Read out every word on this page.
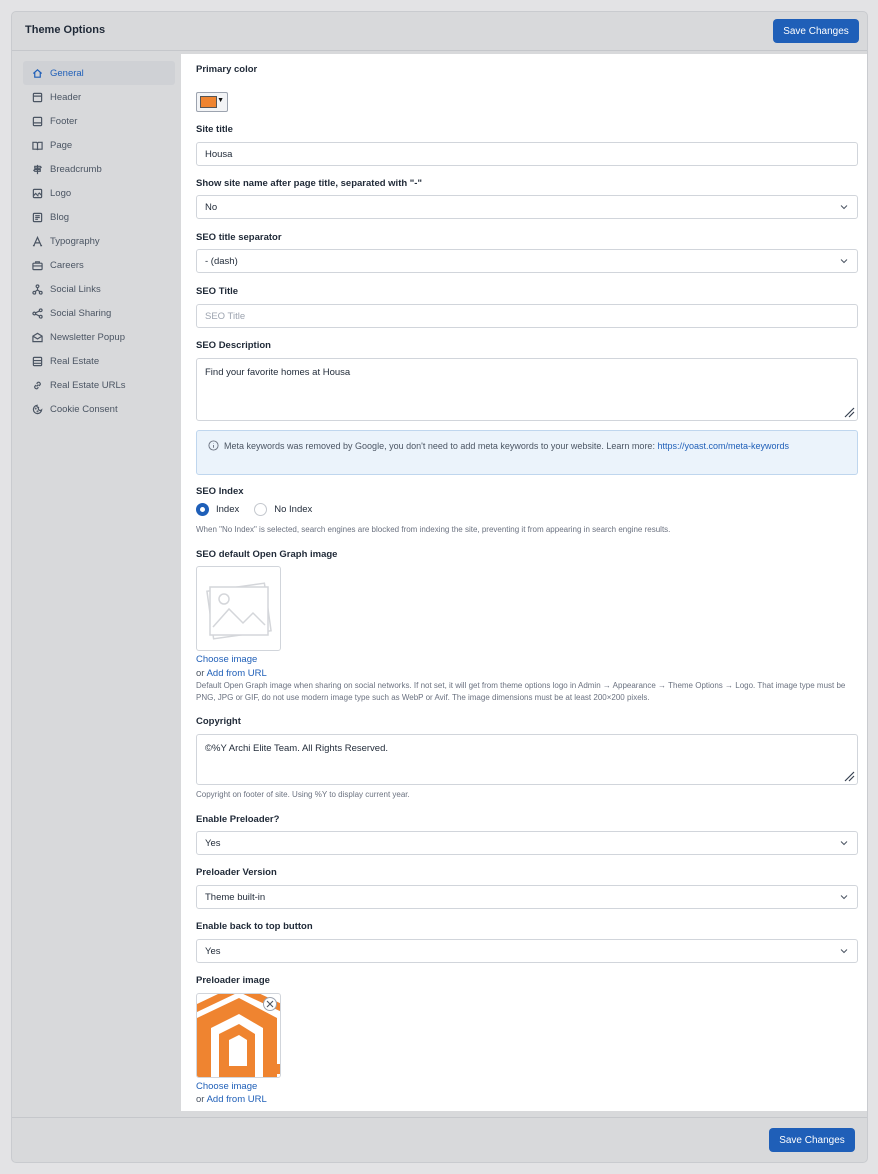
Theme Options	Save Changes
General
Header
Footer
Page
Breadcrumb
Logo
Blog
Typography
Careers
Social Links
Social Sharing
Newsletter Popup
Real Estate
Real Estate URLs
Cookie Consent
Primary color
▼
Site title
Housa
Show site name after page title, separated with "-"
No
SEO title separator
- (dash)
SEO Title
SEO Title
SEO Description
Find your favorite homes at Housa
Meta keywords was removed by Google, you don't need to add meta keywords to your website. Learn more: https://yoast.com/meta-keywords
SEO Index
Index	No Index
When "No Index" is selected, search engines are blocked from indexing the site, preventing it from appearing in search engine results.
SEO default Open Graph image
Choose image
or Add from URL
Default Open Graph image when sharing on social networks. If not set, it will get from theme options logo in Admin → Appearance → Theme Options → Logo. That image type must be PNG, JPG or GIF, do not use modern image type such as WebP or Avif. The image dimensions must be at least 200×200 pixels.
Copyright
©%Y Archi Elite Team. All Rights Reserved.
Copyright on footer of site. Using %Y to display current year.
Enable Preloader?
Yes
Preloader Version
Theme built-in
Enable back to top button
Yes
Preloader image
Choose image
or Add from URL
Save Changes
